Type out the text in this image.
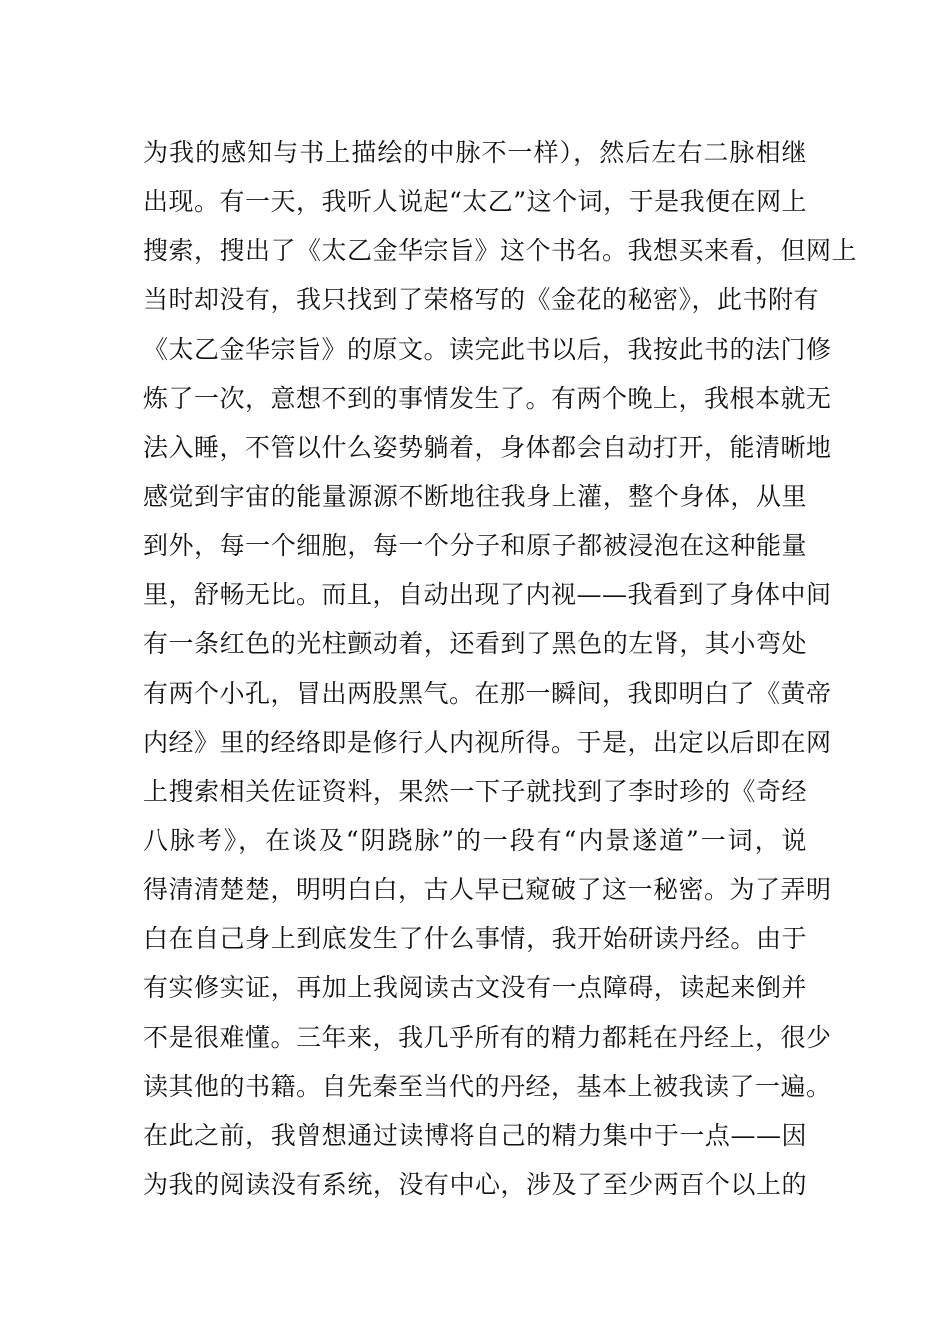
为我的感知与书上描绘的中脉不一样），然后左右二脉相继
出现。有一天，我听人说起“太乙”这个词，于是我便在网上
搜索，搜出了《太乙金华宗旨》这个书名。我想买来看，但网上
当时却没有，我只找到了荣格写的《金花的秘密》，此书附有
《太乙金华宗旨》的原文。读完此书以后，我按此书的法门修
炼了一次，意想不到的事情发生了。有两个晚上，我根本就无
法入睡，不管以什么姿势躺着，身体都会自动打开，能清晰地
感觉到宇宙的能量源源不断地往我身上灌，整个身体，从里
到外，每一个细胞，每一个分子和原子都被浸泡在这种能量
里，舒畅无比。而且，自动出现了内视——我看到了身体中间
有一条红色的光柱颤动着，还看到了黑色的左肾，其小弯处
有两个小孔，冒出两股黑气。在那一瞬间，我即明白了《黄帝
内经》里的经络即是修行人内视所得。于是，出定以后即在网
上搜索相关佐证资料，果然一下子就找到了李时珍的《奇经
八脉考》，在谈及“阴跷脉”的一段有“内景遂道”一词，说
得清清楚楚，明明白白，古人早已窥破了这一秘密。为了弄明
白在自己身上到底发生了什么事情，我开始研读丹经。由于
有实修实证，再加上我阅读古文没有一点障碍，读起来倒并
不是很难懂。三年来，我几乎所有的精力都耗在丹经上，很少
读其他的书籍。自先秦至当代的丹经，基本上被我读了一遍。
在此之前，我曾想通过读博将自己的精力集中于一点——因
为我的阅读没有系统，没有中心，涉及了至少两百个以上的
